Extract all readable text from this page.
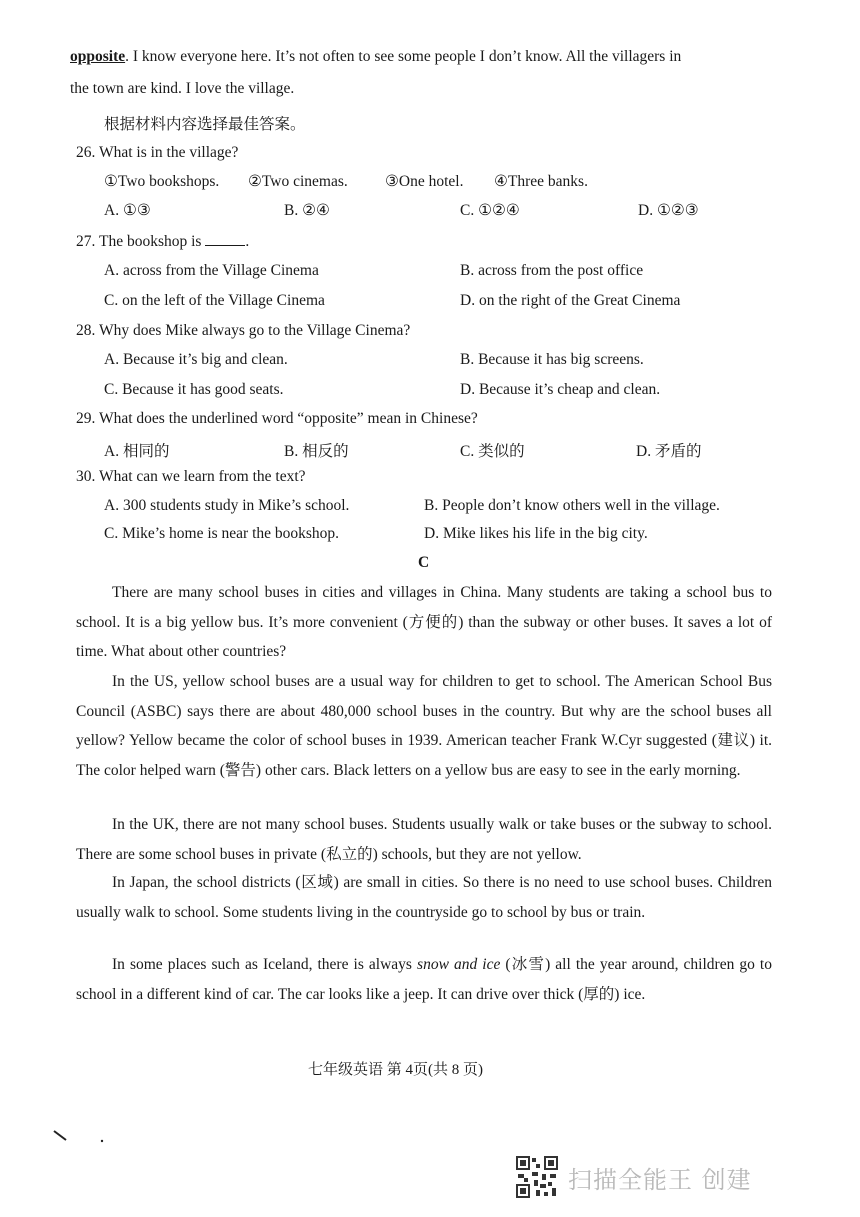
opposite. I know everyone here. It’s not often to see some people I don’t know. All the villagers in
the town are kind. I love the village.
根据材料内容选择最佳答案。
26. What is in the village?
①Two bookshops. ②Two cinemas. ③One hotel. ④Three banks.
A. ①③	B. ②④	C. ①②④	D. ①②③
27. The bookshop is	.
A. across from the Village Cinema	B. across from the post office
C. on the left of the Village Cinema	D. on the right of the Great Cinema
28. Why does Mike always go to the Village Cinema?
A. Because it’s big and clean.	B. Because it has big screens.
C. Because it has good seats.	D. Because it’s cheap and clean.
29. What does the underlined word “opposite” mean in Chinese?
A. 相同的	B. 相反的	C. 类似的	D. 矛盾的
30. What can we learn from the text?
A. 300 students study in Mike’s school.	B. People don’t know others well in the village.
C. Mike’s home is near the bookshop.	D. Mike likes his life in the big city.
C
There are many school buses in cities and villages in China. Many students are taking a school bus to school. It is a big yellow bus. It’s more convenient (方便的) than the subway or other buses. It saves a lot of time. What about other countries?
In the US, yellow school buses are a usual way for children to get to school. The American School Bus Council (ASBC) says there are about 480,000 school buses in the country. But why are the school buses all yellow? Yellow became the color of school buses in 1939. American teacher Frank W.Cyr suggested (建议) it. The color helped warn (警告) other cars. Black letters on a yellow bus are easy to see in the early morning.
In the UK, there are not many school buses. Students usually walk or take buses or the subway to school. There are some school buses in private (私立的) schools, but they are not yellow.
In Japan, the school districts (区域) are small in cities. So there is no need to use school buses. Children usually walk to school. Some students living in the countryside go to school by bus or train.
In some places such as Iceland, there is always snow and ice (冰雪) all the year around, children go to school in a different kind of car. The car looks like a jeep. It can drive over thick (厚的) ice.
七年级英语 第 4页(共 8 页)
扫描全能王 创建
